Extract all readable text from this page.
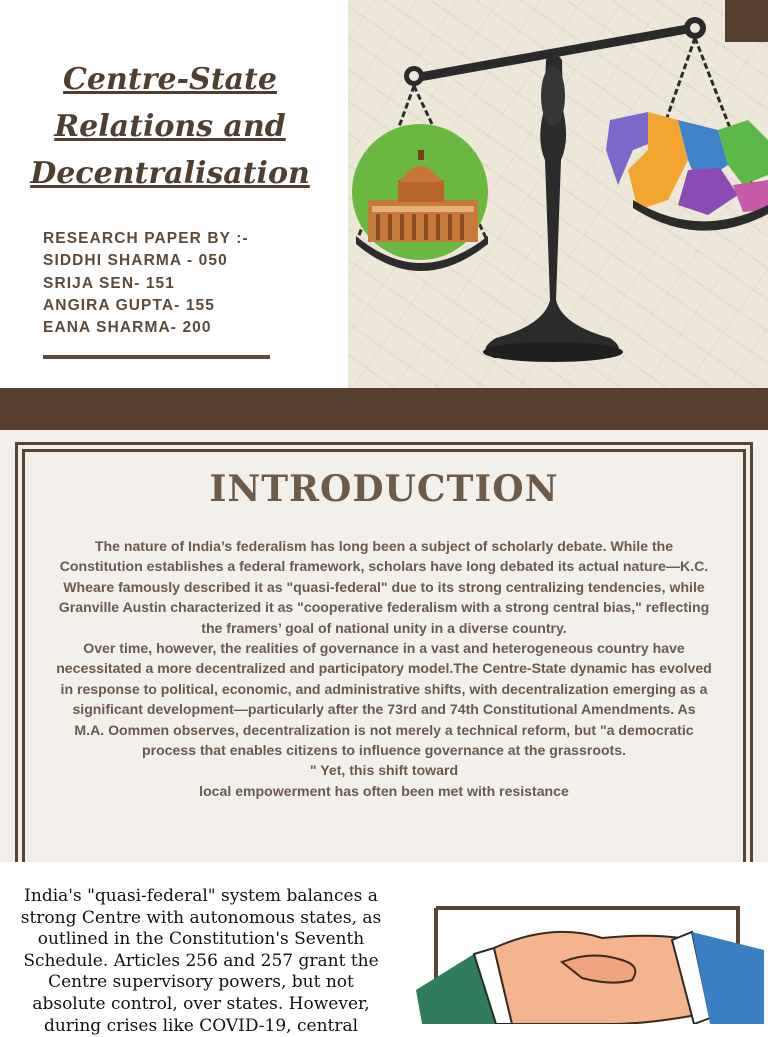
Centre-State
Relations and
Decentralisation
RESEARCH PAPER BY :-
SIDDHI SHARMA - 050
SRIJA SEN- 151
ANGIRA GUPTA- 155
EANA SHARMA- 200
INTRODUCTION
The nature of India’s federalism has long been a subject of scholarly debate. While the
Constitution establishes a federal framework, scholars have long debated its actual nature—K.C.
Wheare famously described it as "quasi-federal" due to its strong centralizing tendencies, while
Granville Austin characterized it as "cooperative federalism with a strong central bias," reflecting
the framers’ goal of national unity in a diverse country.
Over time, however, the realities of governance in a vast and heterogeneous country have
necessitated a more decentralized and participatory model.The Centre-State dynamic has evolved
in response to political, economic, and administrative shifts, with decentralization emerging as a
significant development—particularly after the 73rd and 74th Constitutional Amendments. As
M.A. Oommen observes, decentralization is not merely a technical reform, but "a democratic
process that enables citizens to influence governance at the grassroots.
" Yet, this shift toward
local empowerment has often been met with resistance
India's "quasi-federal" system balances a
strong Centre with autonomous states, as
outlined in the Constitution's Seventh
Schedule. Articles 256 and 257 grant the
Centre supervisory powers, but not
absolute control, over states. However,
during crises like COVID-19, central
